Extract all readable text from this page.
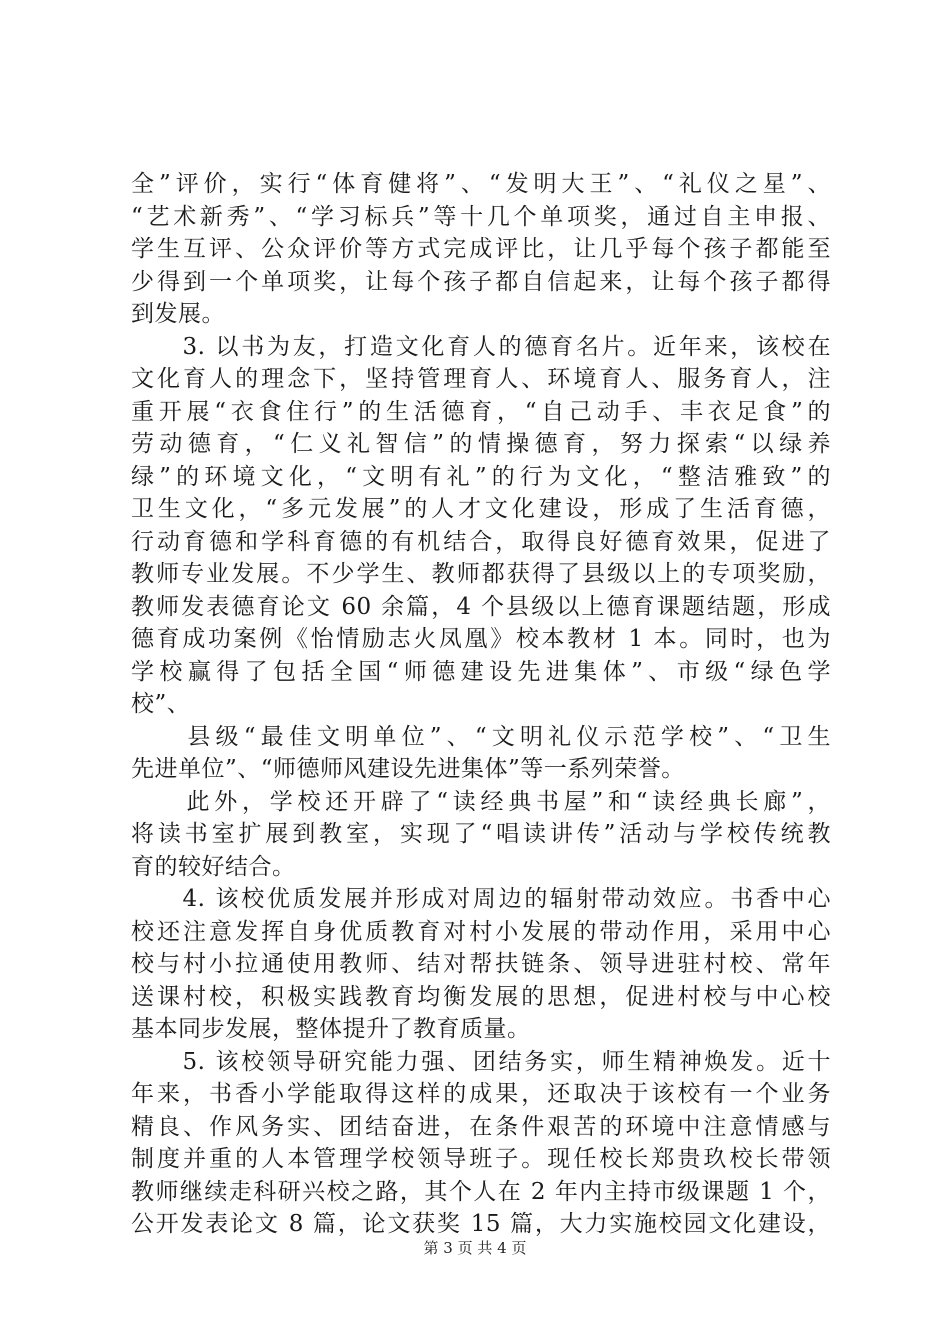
全”评价，实行“体育健将”、“发明大王”、“礼仪之星”、
“艺术新秀”、“学习标兵”等十几个单项奖，通过自主申报、
学生互评、公众评价等方式完成评比，让几乎每个孩子都能至
少得到一个单项奖，让每个孩子都自信起来，让每个孩子都得
到发展。
　　3. 以书为友，打造文化育人的德育名片。近年来，该校在
文化育人的理念下，坚持管理育人、环境育人、服务育人，注
重开展“衣食住行”的生活德育，“自己动手、丰衣足食”的
劳动德育，“仁义礼智信”的情操德育，努力探索“以绿养
绿”的环境文化，“文明有礼”的行为文化，“整洁雅致”的
卫生文化，“多元发展”的人才文化建设，形成了生活育德，
行动育德和学科育德的有机结合，取得良好德育效果，促进了
教师专业发展。不少学生、教师都获得了县级以上的专项奖励，
教师发表德育论文 60 余篇，4 个县级以上德育课题结题，形成
德育成功案例《怡情励志火凤凰》校本教材 1 本。同时，也为
学校赢得了包括全国“师德建设先进集体”、市级“绿色学
校”、
　　县级“最佳文明单位”、“文明礼仪示范学校”、“卫生
先进单位”、“师德师风建设先进集体”等一系列荣誉。
　　此外，学校还开辟了“读经典书屋”和“读经典长廊”，
将读书室扩展到教室，实现了“唱读讲传”活动与学校传统教
育的较好结合。
　　4. 该校优质发展并形成对周边的辐射带动效应。书香中心
校还注意发挥自身优质教育对村小发展的带动作用，采用中心
校与村小拉通使用教师、结对帮扶链条、领导进驻村校、常年
送课村校，积极实践教育均衡发展的思想，促进村校与中心校
基本同步发展，整体提升了教育质量。
　　5. 该校领导研究能力强、团结务实，师生精神焕发。近十
年来，书香小学能取得这样的成果，还取决于该校有一个业务
精良、作风务实、团结奋进，在条件艰苦的环境中注意情感与
制度并重的人本管理学校领导班子。现任校长郑贵玖校长带领
教师继续走科研兴校之路，其个人在 2 年内主持市级课题 1 个，
公开发表论文 8 篇，论文获奖 15 篇，大力实施校园文化建设，
第 3 页 共 4 页
